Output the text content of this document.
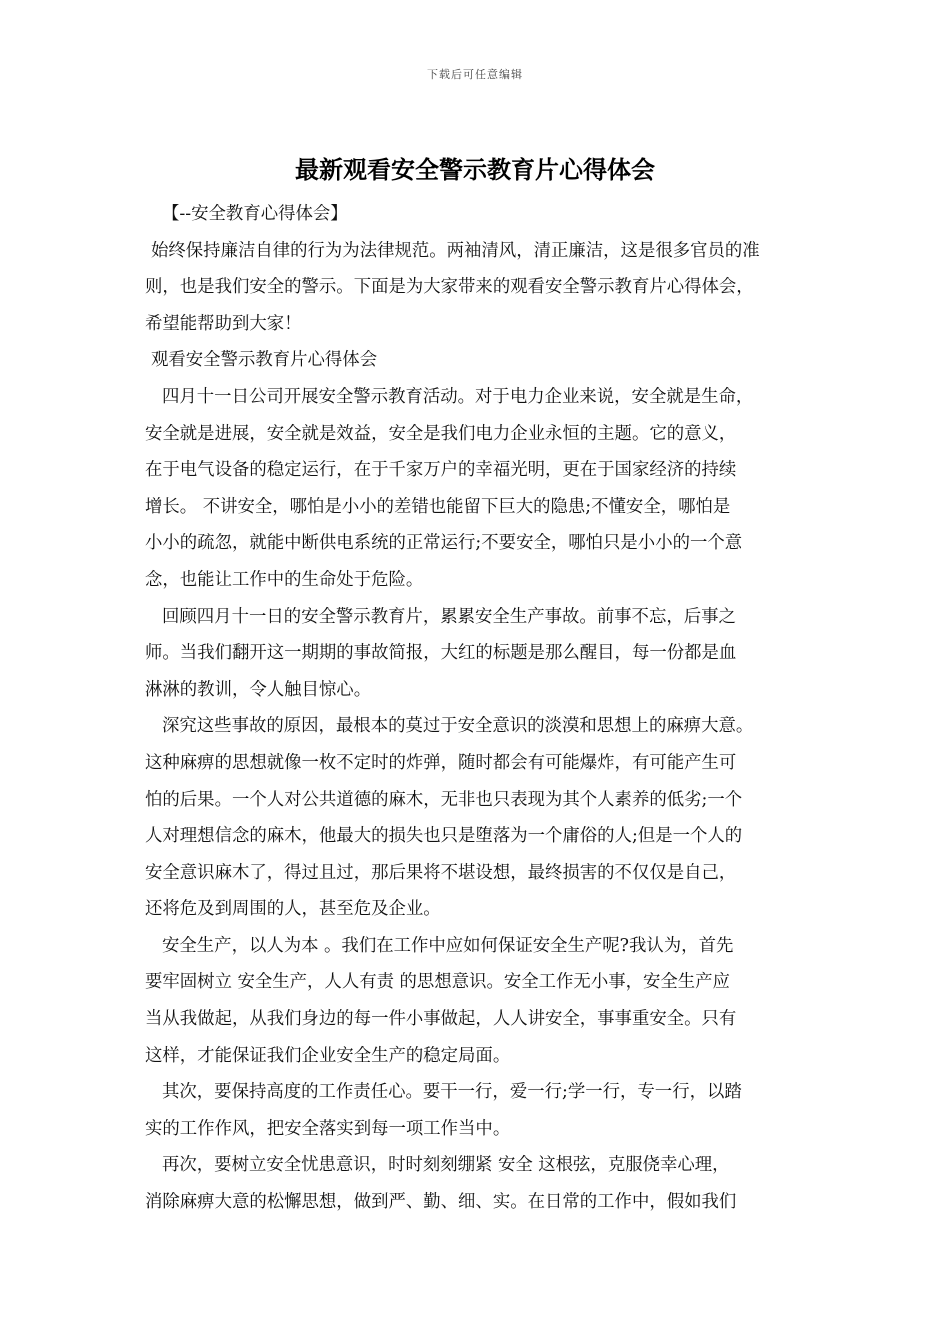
下载后可任意编辑
最新观看安全警示教育片心得体会
【--安全教育心得体会】
始终保持廉洁自律的行为为法律规范。两袖清风，清正廉洁，这是很多官员的准
则，也是我们安全的警示。下面是为大家带来的观看安全警示教育片心得体会，
希望能帮助到大家！
观看安全警示教育片心得体会
四月十一日公司开展安全警示教育活动。对于电力企业来说，安全就是生命，
安全就是进展，安全就是效益，安全是我们电力企业永恒的主题。它的意义，
在于电气设备的稳定运行，在于千家万户的幸福光明，更在于国家经济的持续
增长。 不讲安全，哪怕是小小的差错也能留下巨大的隐患;不懂安全，哪怕是
小小的疏忽，就能中断供电系统的正常运行;不要安全，哪怕只是小小的一个意
念，也能让工作中的生命处于危险。
回顾四月十一日的安全警示教育片，累累安全生产事故。前事不忘，后事之
师。当我们翻开这一期期的事故简报，大红的标题是那么醒目，每一份都是血
淋淋的教训，令人触目惊心。
深究这些事故的原因，最根本的莫过于安全意识的淡漠和思想上的麻痹大意。
这种麻痹的思想就像一枚不定时的炸弹，随时都会有可能爆炸，有可能产生可
怕的后果。一个人对公共道德的麻木，无非也只表现为其个人素养的低劣;一个
人对理想信念的麻木，他最大的损失也只是堕落为一个庸俗的人;但是一个人的
安全意识麻木了，得过且过，那后果将不堪设想，最终损害的不仅仅是自己，
还将危及到周围的人，甚至危及企业。
安全生产，以人为本 。我们在工作中应如何保证安全生产呢?我认为，首先
要牢固树立 安全生产，人人有责 的思想意识。安全工作无小事，安全生产应
当从我做起，从我们身边的每一件小事做起，人人讲安全，事事重安全。只有
这样，才能保证我们企业安全生产的稳定局面。
其次，要保持高度的工作责任心。要干一行，爱一行;学一行，专一行，以踏
实的工作作风，把安全落实到每一项工作当中。
再次，要树立安全忧患意识，时时刻刻绷紧 安全 这根弦，克服侥幸心理，
消除麻痹大意的松懈思想，做到严、勤、细、实。在日常的工作中，假如我们
